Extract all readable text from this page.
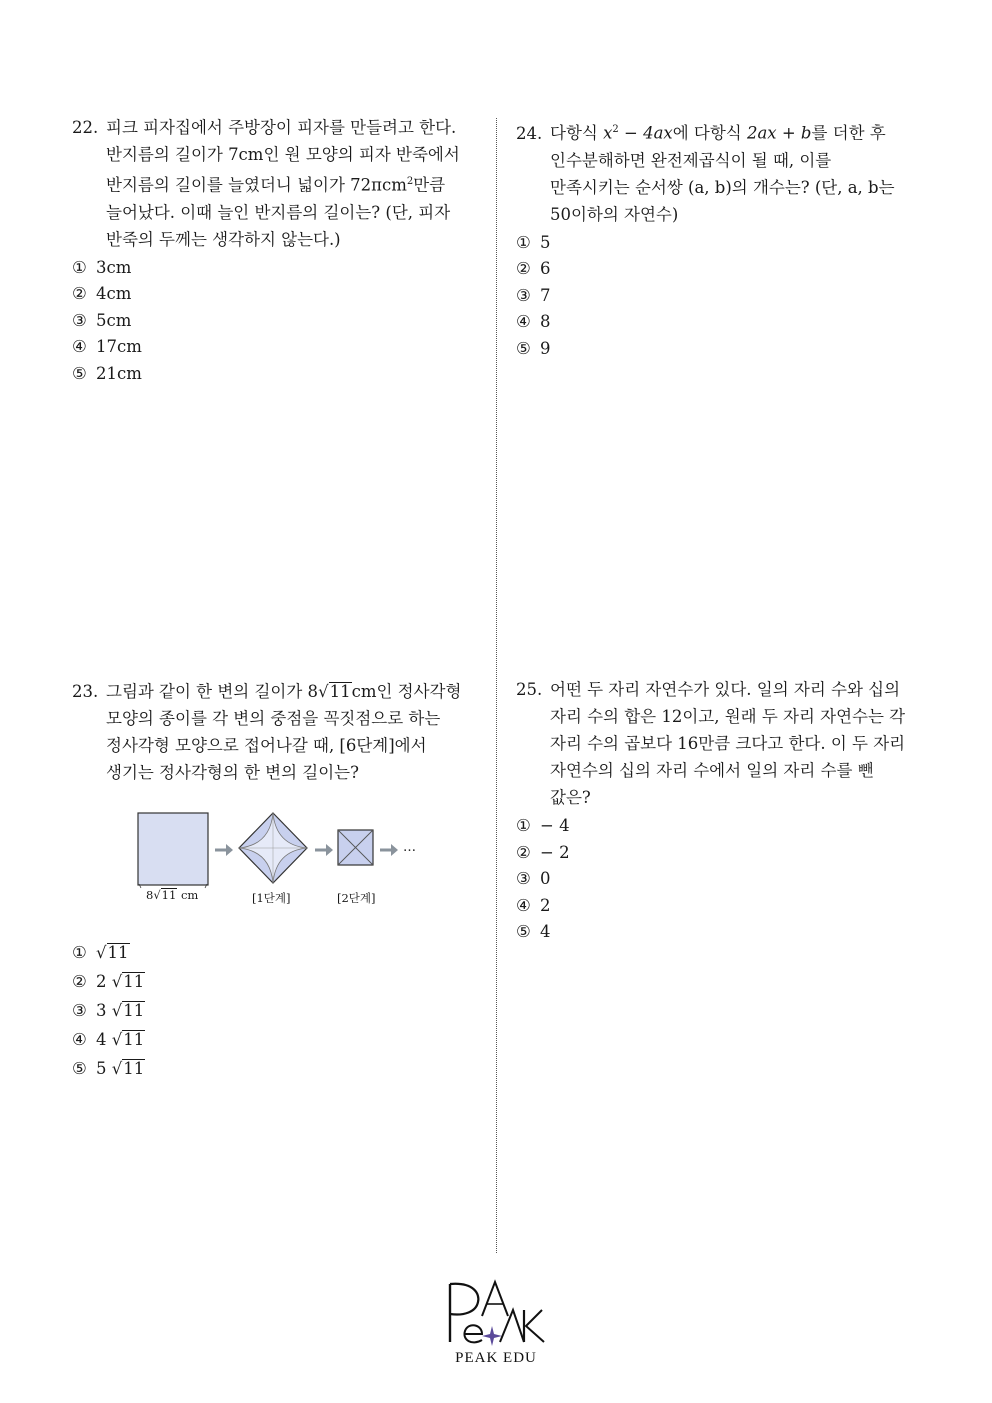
22. 피크 피자집에서 주방장이 피자를 만들려고 한다.
반지름의 길이가 7cm인 원 모양의 피자 반죽에서
반지름의 길이를 늘였더니 넓이가 72πcm$^2$만큼
늘어났다. 이때 늘인 반지름의 길이는? (단, 피자
반죽의 두께는 생각하지 않는다.)
① 3cm
② 4cm
③ 5cm
④ 17cm
⑤ 21cm
24. 다항식 $x^2 - 4ax$에 다항식 2ax + b를 더한 후
인수분해하면 완전제곱식이 될 때, 이를
만족시키는 순서쌍 (a, b)의 개수는? (단, a, b는
50이하의 자연수)
① 5
② 6
③ 7
④ 8
⑤ 9
23. 그림과 같이 한 변의 길이가 8√11cm인 정사각형
모양의 종이를 각 변의 중점을 꼭짓점으로 하는
정사각형 모양으로 접어나갈 때, [6단계]에서
생기는 정사각형의 한 변의 길이는?
① √11
② 2 √11
③ 3 √11
④ 4 √11
⑤ 5 √11
…
8√11 cm	[1단계]	[2단계]
25. 어떤 두 자리 자연수가 있다. 일의 자리 수와 십의
자리 수의 합은 12이고, 원래 두 자리 자연수는 각
자리 수의 곱보다 16만큼 크다고 한다. 이 두 자리
자연수의 십의 자리 수에서 일의 자리 수를 뺀
값은?
① − 4
② − 2
③ 0
④ 2
⑤ 4
PEAK EDU
